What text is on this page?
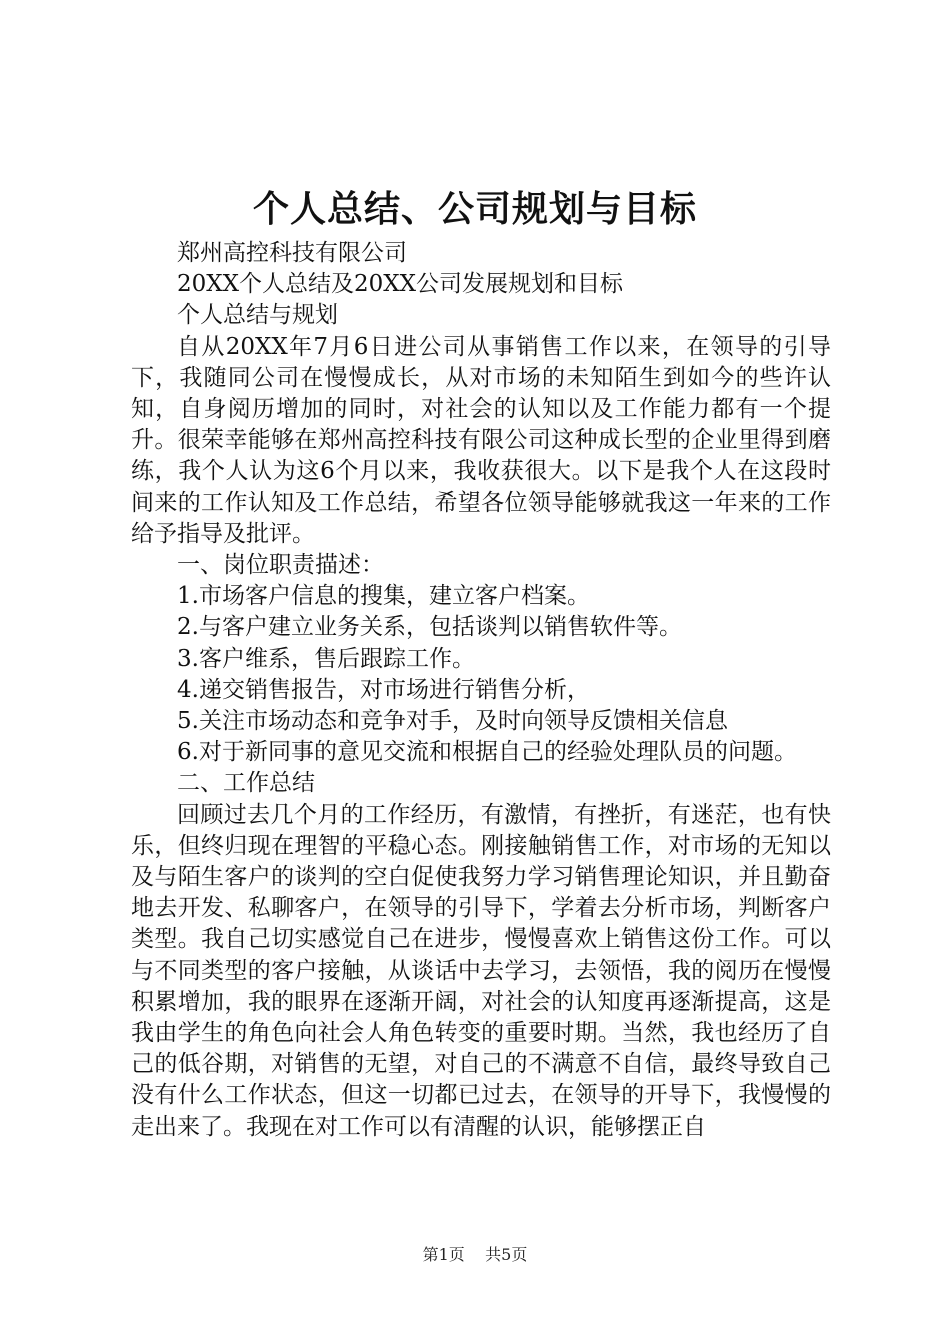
个人总结、公司规划与目标

郑州高控科技有限公司

20XX个人总结及20XX公司发展规划和目标

个人总结与规划

自从20XX年7月6日进公司从事销售工作以来，在领导的引导下，我随同公司在慢慢成长，从对市场的未知陌生到如今的些许认知，自身阅历增加的同时，对社会的认知以及工作能力都有一个提升。很荣幸能够在郑州高控科技有限公司这种成长型的企业里得到磨练，我个人认为这6个月以来，我收获很大。以下是我个人在这段时间来的工作认知及工作总结，希望各位领导能够就我这一年来的工作给予指导及批评。

一、岗位职责描述：

1.市场客户信息的搜集，建立客户档案。

2.与客户建立业务关系，包括谈判以销售软件等。

3.客户维系，售后跟踪工作。

4.递交销售报告，对市场进行销售分析，

5.关注市场动态和竞争对手，及时向领导反馈相关信息

6.对于新同事的意见交流和根据自己的经验处理队员的问题。

二、工作总结

回顾过去几个月的工作经历，有激情，有挫折，有迷茫，也有快乐，但终归现在理智的平稳心态。刚接触销售工作，对市场的无知以及与陌生客户的谈判的空白促使我努力学习销售理论知识，并且勤奋地去开发、私聊客户，在领导的引导下，学着去分析市场，判断客户类型。我自己切实感觉自己在进步，慢慢喜欢上销售这份工作。可以与不同类型的客户接触，从谈话中去学习，去领悟，我的阅历在慢慢积累增加，我的眼界在逐渐开阔，对社会的认知度再逐渐提高，这是我由学生的角色向社会人角色转变的重要时期。当然，我也经历了自己的低谷期，对销售的无望，对自己的不满意不自信，最终导致自己没有什么工作状态，但这一切都已过去，在领导的开导下，我慢慢的走出来了。我现在对工作可以有清醒的认识，能够摆正自

第1页 共5页
